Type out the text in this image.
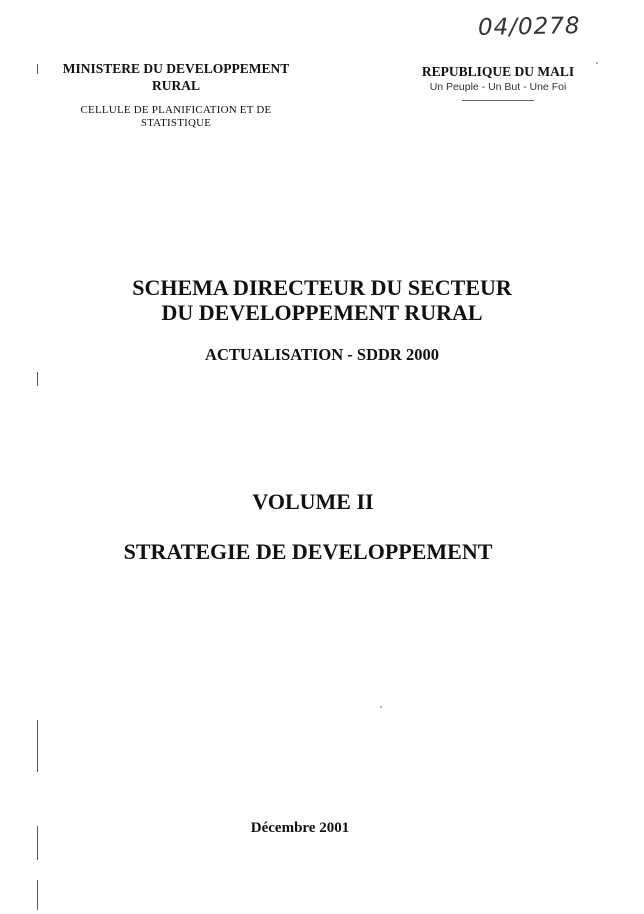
04/0278
MINISTERE DU DEVELOPPEMENT RURAL
CELLULE DE PLANIFICATION ET DE STATISTIQUE
REPUBLIQUE DU MALI
Un Peuple - Un But - Une Foi
SCHEMA DIRECTEUR DU SECTEUR
DU DEVELOPPEMENT RURAL
ACTUALISATION - SDDR 2000
VOLUME II
STRATEGIE DE DEVELOPPEMENT
Décembre 2001
